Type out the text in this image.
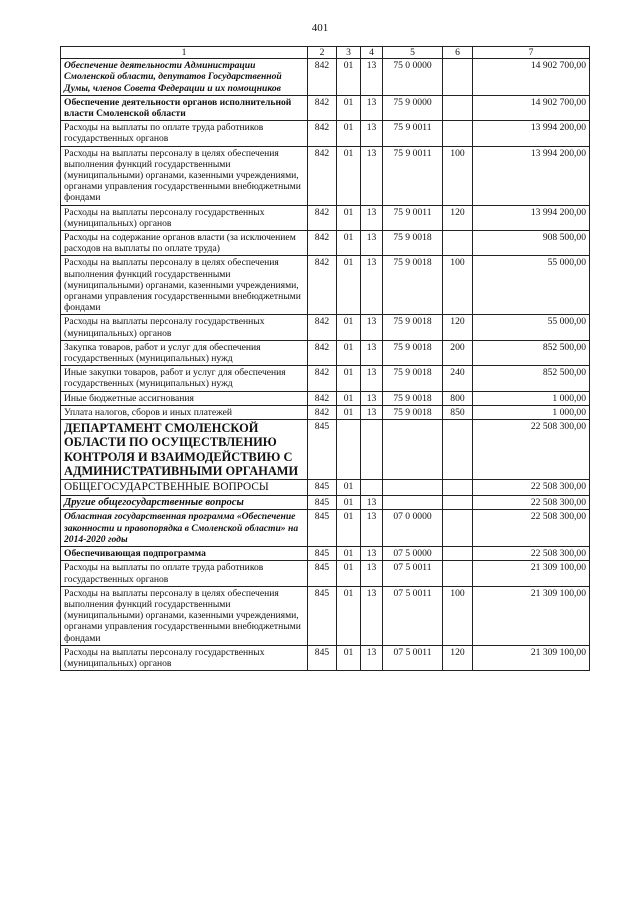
401
1	2	3	4	5	6	7
Обеспечение деятельности Администрации Смоленской области, депутатов Государственной Думы, членов Совета Федерации и их помощников	842	01	13	75 0 0000		14 902 700,00
Обеспечение деятельности органов исполнительной власти Смоленской области	842	01	13	75 9 0000		14 902 700,00
Расходы на выплаты по оплате труда работников государственных органов	842	01	13	75 9 0011		13 994 200,00
Расходы на выплаты персоналу в целях обеспечения выполнения функций государственными (муниципальными) органами, казенными учреждениями, органами управления государственными внебюджетными фондами	842	01	13	75 9 0011	100	13 994 200,00
Расходы на выплаты персоналу государственных (муниципальных) органов	842	01	13	75 9 0011	120	13 994 200,00
Расходы на содержание органов власти (за исключением расходов на выплаты по оплате труда)	842	01	13	75 9 0018		908 500,00
Расходы на выплаты персоналу в целях обеспечения выполнения функций государственными (муниципальными) органами, казенными учреждениями, органами управления государственными внебюджетными фондами	842	01	13	75 9 0018	100	55 000,00
Расходы на выплаты персоналу государственных (муниципальных) органов	842	01	13	75 9 0018	120	55 000,00
Закупка товаров, работ и услуг для обеспечения государственных (муниципальных) нужд	842	01	13	75 9 0018	200	852 500,00
Иные закупки товаров, работ и услуг для обеспечения государственных (муниципальных) нужд	842	01	13	75 9 0018	240	852 500,00
Иные бюджетные ассигнования	842	01	13	75 9 0018	800	1 000,00
Уплата налогов, сборов и иных платежей	842	01	13	75 9 0018	850	1 000,00
ДЕПАРТАМЕНТ СМОЛЕНСКОЙ ОБЛАСТИ ПО ОСУЩЕСТВЛЕНИЮ КОНТРОЛЯ И ВЗАИМОДЕЙСТВИЮ С АДМИНИСТРАТИВНЫМИ ОРГАНАМИ	845					22 508 300,00
ОБЩЕГОСУДАРСТВЕННЫЕ ВОПРОСЫ	845	01				22 508 300,00
Другие общегосударственные вопросы	845	01	13			22 508 300,00
Областная государственная программа «Обеспечение законности и правопорядка в Смоленской области» на 2014-2020 годы	845	01	13	07 0 0000		22 508 300,00
Обеспечивающая подпрограмма	845	01	13	07 5 0000		22 508 300,00
Расходы на выплаты по оплате труда работников государственных органов	845	01	13	07 5 0011		21 309 100,00
Расходы на выплаты персоналу в целях обеспечения выполнения функций государственными (муниципальными) органами, казенными учреждениями, органами управления государственными внебюджетными фондами	845	01	13	07 5 0011	100	21 309 100,00
Расходы на выплаты персоналу государственных (муниципальных) органов	845	01	13	07 5 0011	120	21 309 100,00
